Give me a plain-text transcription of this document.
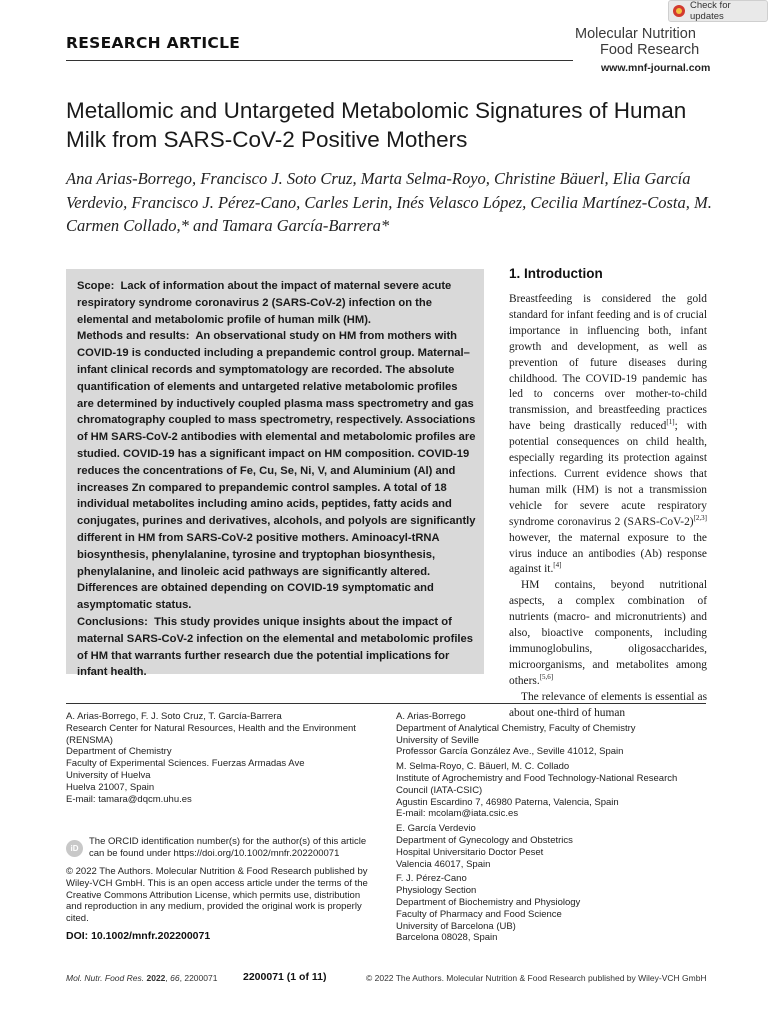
Check for updates
RESEARCH ARTICLE	Molecular Nutrition
Food Research
www.mnf-journal.com
Metallomic and Untargeted Metabolomic Signatures of Human Milk from SARS-CoV-2 Positive Mothers
Ana Arias-Borrego, Francisco J. Soto Cruz, Marta Selma-Royo, Christine Bäuerl, Elia García Verdevio, Francisco J. Pérez-Cano, Carles Lerin, Inés Velasco López, Cecilia Martínez-Costa, M. Carmen Collado,* and Tamara García-Barrera*

Scope: Lack of information about the impact of maternal severe acute respiratory syndrome coronavirus 2 (SARS-CoV-2) infection on the elemental and metabolomic profile of human milk (HM).
Methods and results: An observational study on HM from mothers with COVID-19 is conducted including a prepandemic control group. Maternal–infant clinical records and symptomatology are recorded. The absolute quantification of elements and untargeted relative metabolomic profiles are determined by inductively coupled plasma mass spectrometry and gas chromatography coupled to mass spectrometry, respectively. Associations of HM SARS-CoV-2 antibodies with elemental and metabolomic profiles are studied. COVID-19 has a significant impact on HM composition. COVID-19 reduces the concentrations of Fe, Cu, Se, Ni, V, and Aluminium (Al) and increases Zn compared to prepandemic control samples. A total of 18 individual metabolites including amino acids, peptides, fatty acids and conjugates, purines and derivatives, alcohols, and polyols are significantly different in HM from SARS-CoV-2 positive mothers. Aminoacyl-tRNA biosynthesis, phenylalanine, tyrosine and tryptophan biosynthesis, phenylalanine, and linoleic acid pathways are significantly altered. Differences are obtained depending on COVID-19 symptomatic and asymptomatic status.
Conclusions: This study provides unique insights about the impact of maternal SARS-CoV-2 infection on the elemental and metabolomic profiles of HM that warrants further research due the potential implications for infant health.

1. Introduction

Breastfeeding is considered the gold standard for infant feeding and is of crucial importance in influencing both, infant growth and development, as well as prevention of future diseases during childhood. The COVID-19 pandemic has led to concerns over mother-to-child transmission, and breastfeeding practices have being drastically reduced[1]; with potential consequences on child health, especially regarding its protection against infections. Current evidence shows that human milk (HM) is not a transmission vehicle for severe acute respiratory syndrome coronavirus 2 (SARS-CoV-2)[2,3] however, the maternal exposure to the virus induce an antibodies (Ab) response against it.[4]

HM contains, beyond nutritional aspects, a complex combination of nutrients (macro- and micronutrients) and also, bioactive components, including immunoglobulins, oligosaccharides, microorganisms, and metabolites among others.[5,6]

The relevance of elements is essential as about one-third of human

A. Arias-Borrego, F. J. Soto Cruz, T. García-Barrera

Research Center for Natural Resources, Health and the Environment

(RENSMA)

Department of Chemistry

Faculty of Experimental Sciences. Fuerzas Armadas Ave

University of Huelva

Huelva 21007, Spain

E-mail: tamara@dqcm.uhu.es

iD

The ORCID identification number(s) for the author(s) of this article

can be found under https://doi.org/10.1002/mnfr.202200071

© 2022 The Authors. Molecular Nutrition & Food Research published by

Wiley-VCH GmbH. This is an open access article under the terms of the

Creative Commons Attribution License, which permits use, distribution

and reproduction in any medium, provided the original work is properly

cited.

DOI: 10.1002/mnfr.202200071

A. Arias-Borrego

Department of Analytical Chemistry, Faculty of Chemistry

University of Seville

Professor García González Ave., Seville 41012, Spain

M. Selma-Royo, C. Bäuerl, M. C. Collado

Institute of Agrochemistry and Food Technology-National Research

Council (IATA-CSIC)

Agustin Escardino 7, 46980 Paterna, Valencia, Spain

E-mail: mcolam@iata.csic.es

E. García Verdevio

Department of Gynecology and Obstetrics

Hospital Universitario Doctor Peset

Valencia 46017, Spain

F. J. Pérez-Cano

Physiology Section

Department of Biochemistry and Physiology

Faculty of Pharmacy and Food Science

University of Barcelona (UB)

Barcelona 08028, Spain

Mol. Nutr. Food Res. 2022, 66, 2200071 2200071 (1 of 11)	© 2022 The Authors. Molecular Nutrition & Food Research published by Wiley-VCH GmbH
